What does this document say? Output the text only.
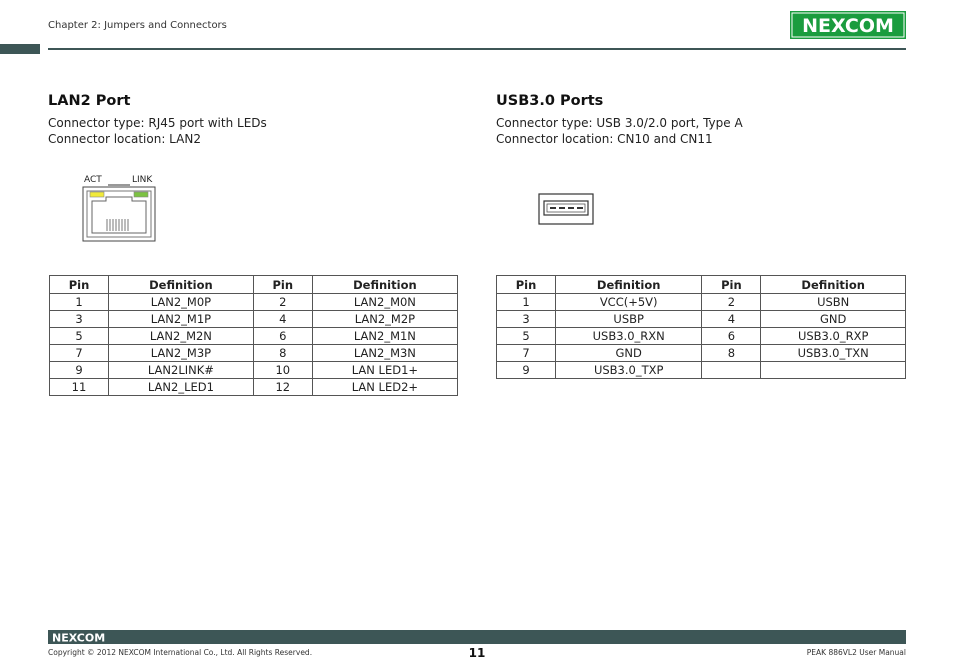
Chapter 2: Jumpers and Connectors	NEXCOM
LAN2 Port
Connector type: RJ45 port with LEDs
Connector location: LAN2
ACT	LINK
Pin	Definition	Pin	Definition
1	LAN2_M0P	2	LAN2_M0N
3	LAN2_M1P	4	LAN2_M2P
5	LAN2_M2N	6	LAN2_M1N
7	LAN2_M3P	8	LAN2_M3N
9	LAN2LINK#	10	LAN LED1+
11	LAN2_LED1	12	LAN LED2+
USB3.0 Ports
Connector type: USB 3.0/2.0 port, Type A
Connector location: CN10 and CN11
Pin	Definition	Pin	Definition
1	VCC(+5V)	2	USBN
3	USBP	4	GND
5	USB3.0_RXN	6	USB3.0_RXP
7	GND	8	USB3.0_TXN
9	USB3.0_TXP		
NEXCOM
Copyright © 2012 NEXCOM International Co., Ltd. All Rights Reserved.	11	PEAK 886VL2 User Manual
